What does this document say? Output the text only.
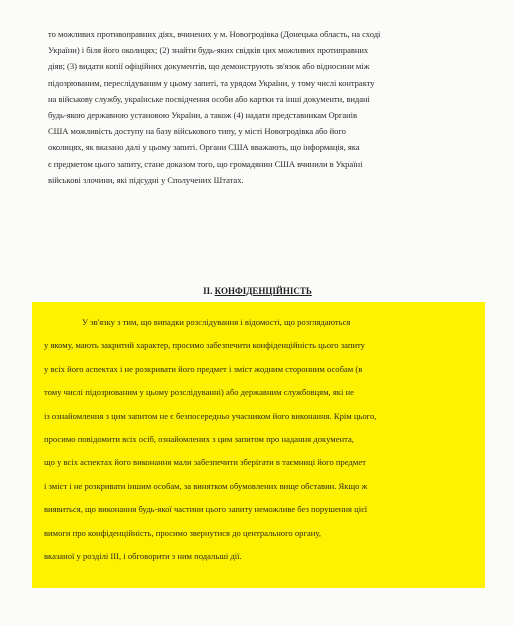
то можливих противоправних дiях, вчинених у м. Новогродiвка (Донецька область, на сходi
України) i бiля його околицях; (2) знайти будь-яких свiдкiв цих можливих протиправних
дiяв; (3) видати копiї офiцiйних документiв, що демонструють зв'язок або вiдносини мiж
пiдозрюваним, переслiдуваним у цьому запитi, та урядом України, у тому числi контракту
на вiйськову службу, українське посвiдчення особи або картки та iншi документи, виданi
будь-якою державною установою України, а також (4) надати представникам Органiв
США можливiсть доступу на базу вiйськового типу, у мiстi Новогродiвка або його
околицях, як вказано далi у цьому запитi. Органи США вважають, що iнформацiя, яка
є предметом цього запиту, стане доказом того, що громадянин США вчинили в Українi
вiйськовi злочини, якi пiдсудні у Сполучених Штатах.
II. КОНФIДЕНЦIЙНIСТЬ
У зв'язку з тим, що випадки розслiдування i вiдомостi, що розглядаються
у якому, мають закритий характер, просимо забезпечити конфiденцiйнiсть цього запиту
у всiх його аспектах i не розкривати його предмет i зміст жодним сторонним особам (в
тому числi пiдозрюваним у цьому розслiдуваннi) або державним службовцям, якi не
iз ознайомлення з цим запитом не є безпосередньо учасником його виконання. Крiм цього,
просимо повiдомити всiх осiб, ознайомлених з цим запитом про надання документа,
що у всiх аспектах його виконання мали забезпечити зберiгати в таємницi його предмет
i змiст i не розкривати iншим особам, за винятком обумовлених вище обставин. Якщо ж
виявиться, що виконання будь-якої частини цього запиту неможливе без порушення цiєї
вимоги про конфiденцiйнiсть, просимо звернутися до центрального органу,
вказаної у роздiлi III, i обговорити з ним подальшi дiї.
